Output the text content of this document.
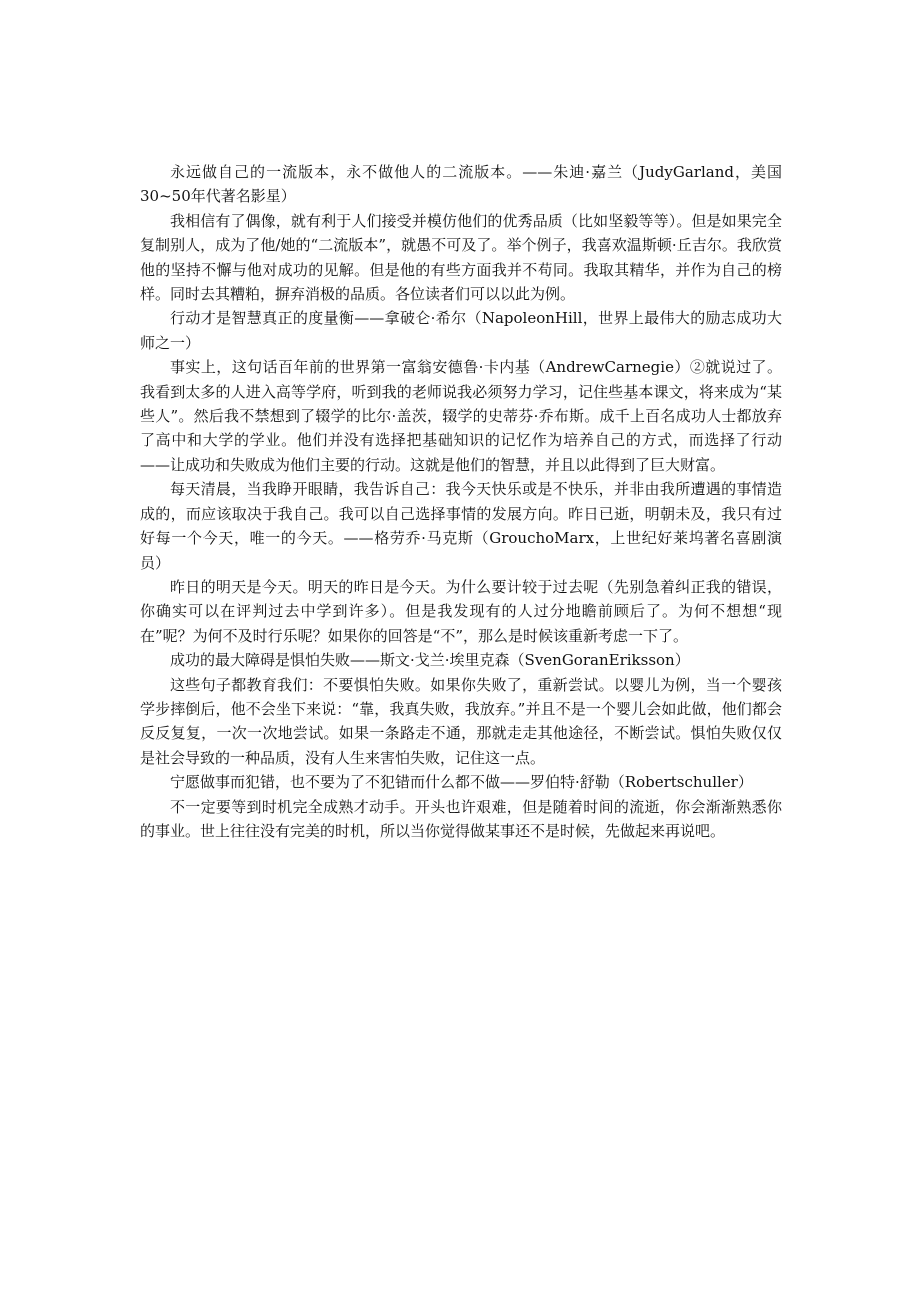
永远做自己的一流版本，永不做他人的二流版本。——朱迪·嘉兰（JudyGarland，美国30~50年代著名影星）

我相信有了偶像，就有利于人们接受并模仿他们的优秀品质（比如坚毅等等）。但是如果完全复制别人，成为了他/她的“二流版本”，就愚不可及了。举个例子，我喜欢温斯顿·丘吉尔。我欣赏他的坚持不懈与他对成功的见解。但是他的有些方面我并不苟同。我取其精华，并作为自己的榜样。同时去其糟粕，摒弃消极的品质。各位读者们可以以此为例。

行动才是智慧真正的度量衡——拿破仑·希尔（NapoleonHill，世界上最伟大的励志成功大师之一）

事实上，这句话百年前的世界第一富翁安德鲁·卡内基（AndrewCarnegie）②就说过了。我看到太多的人进入高等学府，听到我的老师说我必须努力学习，记住些基本课文，将来成为“某些人”。然后我不禁想到了辍学的比尔·盖茨，辍学的史蒂芬·乔布斯。成千上百名成功人士都放弃了高中和大学的学业。他们并没有选择把基础知识的记忆作为培养自己的方式，而选择了行动——让成功和失败成为他们主要的行动。这就是他们的智慧，并且以此得到了巨大财富。

每天清晨，当我睁开眼睛，我告诉自己：我今天快乐或是不快乐，并非由我所遭遇的事情造成的，而应该取决于我自己。我可以自己选择事情的发展方向。昨日已逝，明朝未及，我只有过好每一个今天，唯一的今天。——格劳乔·马克斯（GrouchoMarx，上世纪好莱坞著名喜剧演员）

昨日的明天是今天。明天的昨日是今天。为什么要计较于过去呢（先别急着纠正我的错误，你确实可以在评判过去中学到许多）。但是我发现有的人过分地瞻前顾后了。为何不想想“现在”呢？为何不及时行乐呢？如果你的回答是“不”，那么是时候该重新考虑一下了。

成功的最大障碍是惧怕失败——斯文·戈兰·埃里克森（SvenGoranEriksson）

这些句子都教育我们：不要惧怕失败。如果你失败了，重新尝试。以婴儿为例，当一个婴孩学步摔倒后，他不会坐下来说：“靠，我真失败，我放弃。”并且不是一个婴儿会如此做，他们都会反反复复，一次一次地尝试。如果一条路走不通，那就走走其他途径，不断尝试。惧怕失败仅仅是社会导致的一种品质，没有人生来害怕失败，记住这一点。

宁愿做事而犯错，也不要为了不犯错而什么都不做——罗伯特·舒勒（Robertschuller）

不一定要等到时机完全成熟才动手。开头也许艰难，但是随着时间的流逝，你会渐渐熟悉你的事业。世上往往没有完美的时机，所以当你觉得做某事还不是时候，先做起来再说吧。
